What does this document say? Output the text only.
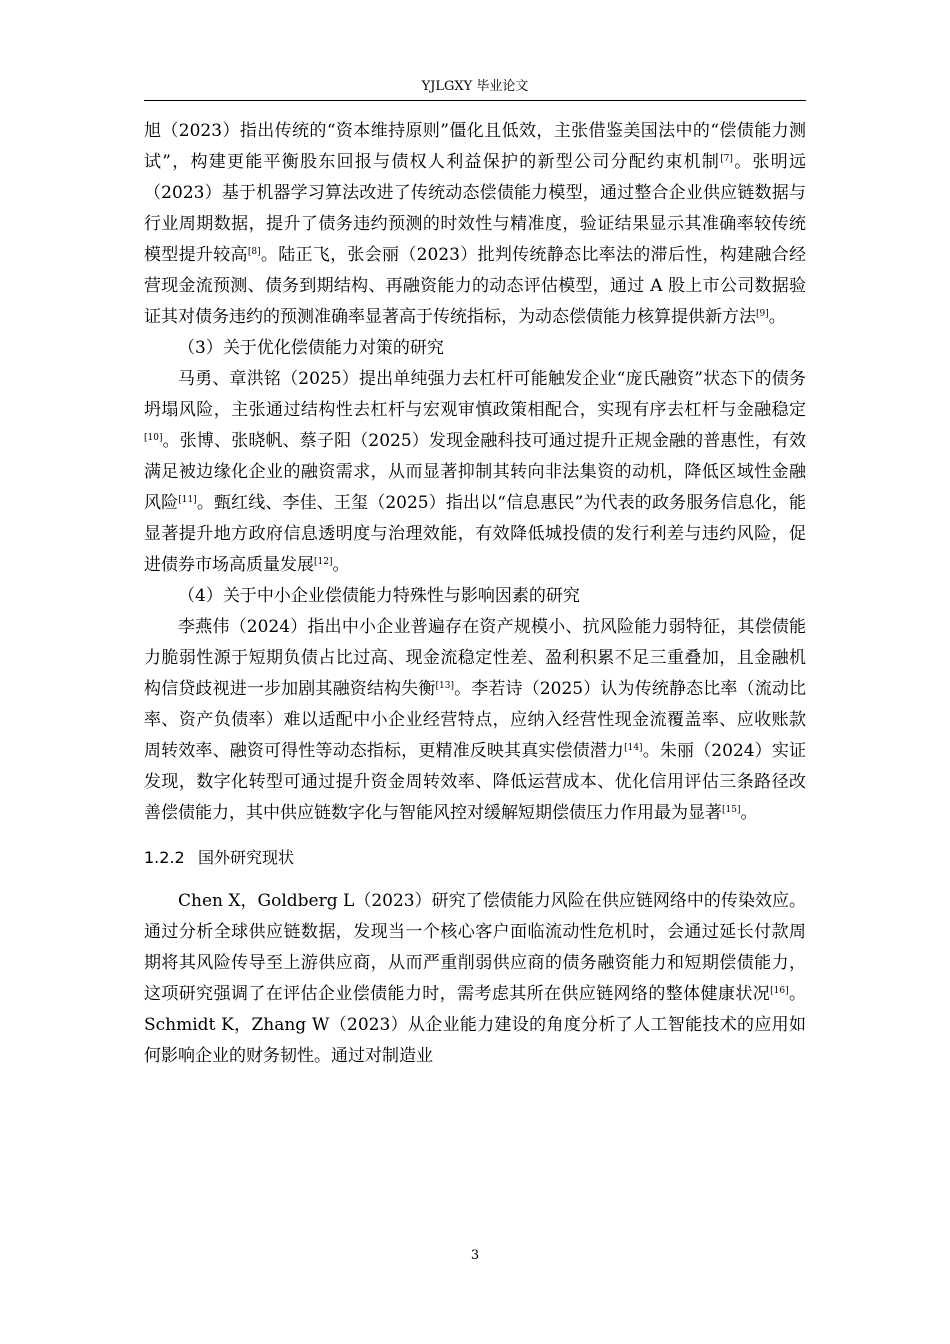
YJLGXY 毕业论文

旭（2023）指出传统的“资本维持原则”僵化且低效，主张借鉴美国法中的“偿债能力测试”，构建更能平衡股东回报与债权人利益保护的新型公司分配约束机制[7]。张明远（2023）基于机器学习算法改进了传统动态偿债能力模型，通过整合企业供应链数据与行业周期数据，提升了债务违约预测的时效性与精准度，验证结果显示其准确率较传统模型提升较高[8]。陆正飞，张会丽（2023）批判传统静态比率法的滞后性，构建融合经营现金流预测、债务到期结构、再融资能力的动态评估模型，通过 A 股上市公司数据验证其对债务违约的预测准确率显著高于传统指标，为动态偿债能力核算提供新方法[9]。

（3）关于优化偿债能力对策的研究

马勇、章洪铭（2025）提出单纯强力去杠杆可能触发企业“庞氏融资”状态下的债务坍塌风险，主张通过结构性去杠杆与宏观审慎政策相配合，实现有序去杠杆与金融稳定[10]。张博、张晓帆、蔡子阳（2025）发现金融科技可通过提升正规金融的普惠性，有效满足被边缘化企业的融资需求，从而显著抑制其转向非法集资的动机，降低区域性金融风险[11]。甄红线、李佳、王玺（2025）指出以“信息惠民”为代表的政务服务信息化，能显著提升地方政府信息透明度与治理效能，有效降低城投债的发行利差与违约风险，促进债券市场高质量发展[12]。

（4）关于中小企业偿债能力特殊性与影响因素的研究

李燕伟（2024）指出中小企业普遍存在资产规模小、抗风险能力弱特征，其偿债能力脆弱性源于短期负债占比过高、现金流稳定性差、盈利积累不足三重叠加，且金融机构信贷歧视进一步加剧其融资结构失衡[13]。李若诗（2025）认为传统静态比率（流动比率、资产负债率）难以适配中小企业经营特点，应纳入经营性现金流覆盖率、应收账款周转效率、融资可得性等动态指标，更精准反映其真实偿债潜力[14]。朱丽（2024）实证发现，数字化转型可通过提升资金周转效率、降低运营成本、优化信用评估三条路径改善偿债能力，其中供应链数字化与智能风控对缓解短期偿债压力作用最为显著[15]。

1.2.2 国外研究现状

Chen X，Goldberg L（2023）研究了偿债能力风险在供应链网络中的传染效应。通过分析全球供应链数据，发现当一个核心客户面临流动性危机时，会通过延长付款周期将其风险传导至上游供应商，从而严重削弱供应商的债务融资能力和短期偿债能力，这项研究强调了在评估企业偿债能力时，需考虑其所在供应链网络的整体健康状况[16]。Schmidt K，Zhang W（2023）从企业能力建设的角度分析了人工智能技术的应用如何影响企业的财务韧性。通过对制造业

3
